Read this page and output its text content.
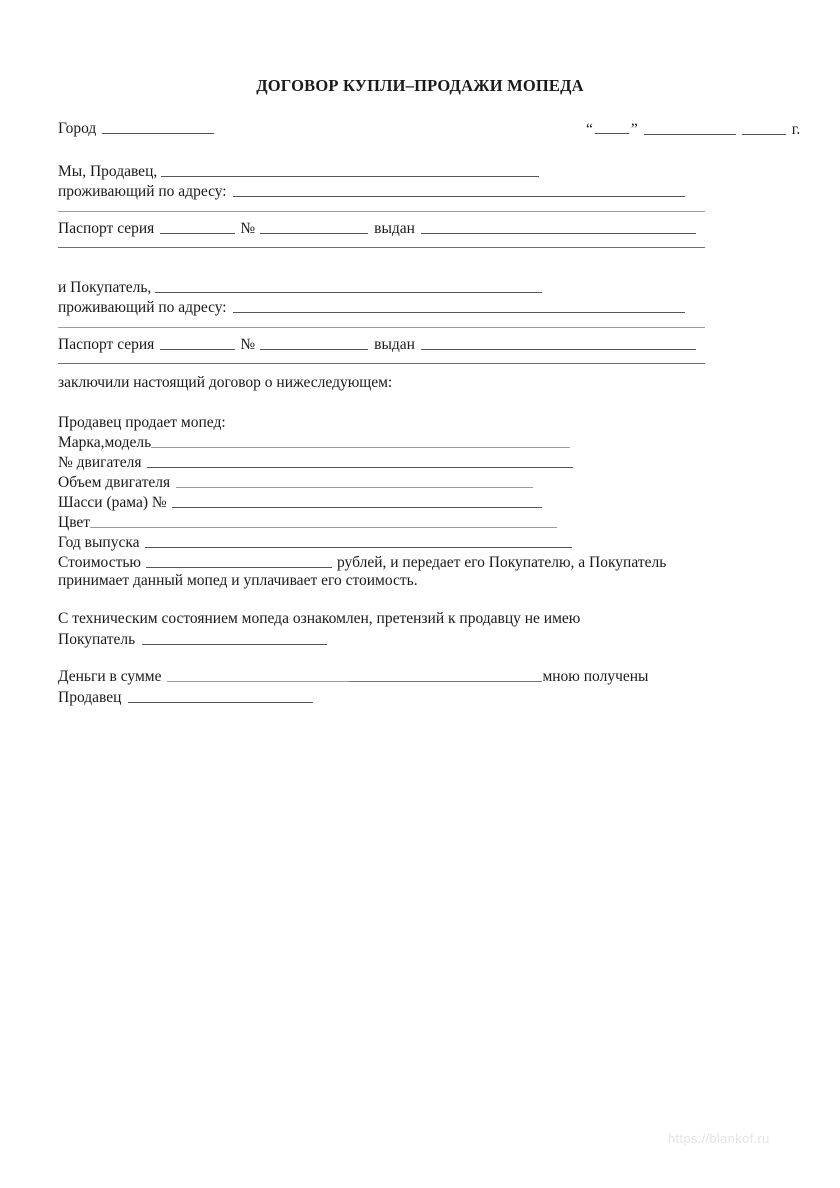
ДОГОВОР КУПЛИ–ПРОДАЖИ МОПЕДА
Город	“ ”	г.
Мы, Продавец,
проживающий по адресу:
Паспорт серия	№	выдан
и Покупатель,
проживающий по адресу:
Паспорт серия	№	выдан
заключили настоящий договор о нижеследующем:
Продавец продает мопед:
Марка,модель
№ двигателя
Объем двигателя
Шасси (рама) №
Цвет
Год выпуска
Стоимостью	рублей, и передает его Покупателю, а Покупатель
принимает данный мопед и уплачивает его стоимость.
С техническим состоянием мопеда ознакомлен, претензий к продавцу не имею
Покупатель
Деньги в сумме	мною получены
Продавец
https://blankof.ru
